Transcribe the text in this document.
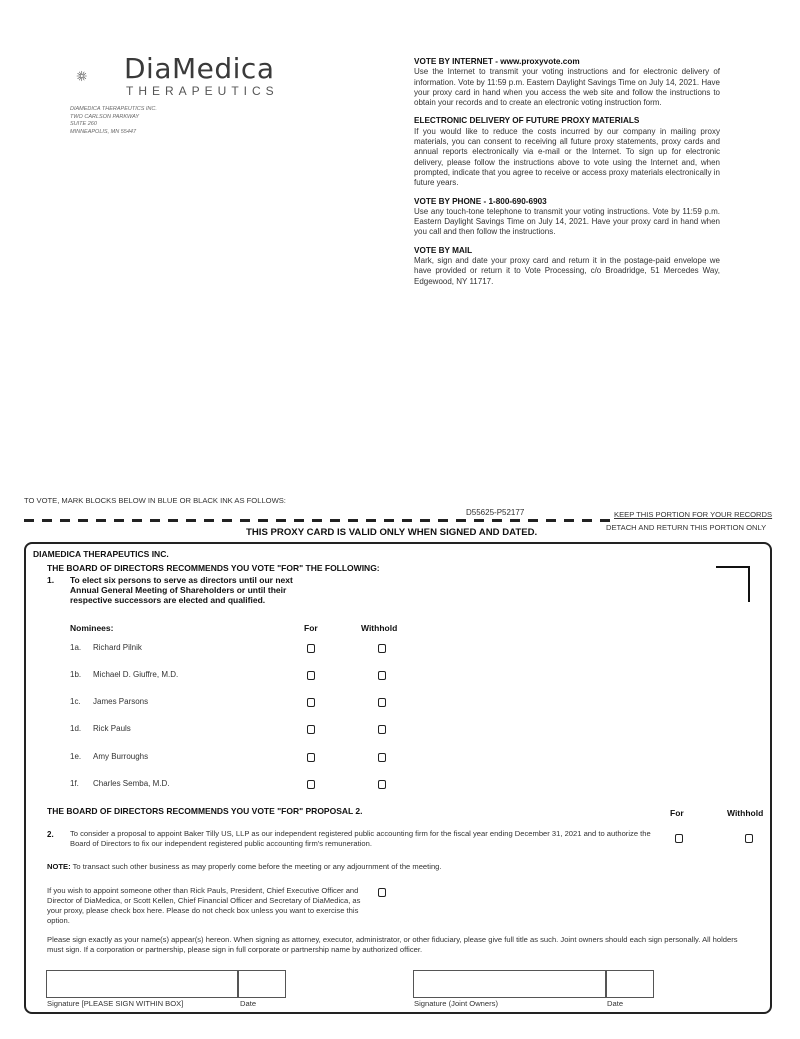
DiaMedica
THERAPEUTICS
DIAMEDICA THERAPEUTICS INC.
TWO CARLSON PARKWAY
SUITE 260
MINNEAPOLIS, MN 55447
VOTE BY INTERNET - www.proxyvote.com

Use the Internet to transmit your voting instructions and for electronic delivery of information. Vote by 11:59 p.m. Eastern Daylight Savings Time on July 14, 2021. Have your proxy card in hand when you access the web site and follow the instructions to obtain your records and to create an electronic voting instruction form.

ELECTRONIC DELIVERY OF FUTURE PROXY MATERIALS

If you would like to reduce the costs incurred by our company in mailing proxy materials, you can consent to receiving all future proxy statements, proxy cards and annual reports electronically via e-mail or the Internet. To sign up for electronic delivery, please follow the instructions above to vote using the Internet and, when prompted, indicate that you agree to receive or access proxy materials electronically in future years.

VOTE BY PHONE - 1-800-690-6903

Use any touch-tone telephone to transmit your voting instructions. Vote by 11:59 p.m. Eastern Daylight Savings Time on July 14, 2021. Have your proxy card in hand when you call and then follow the instructions.

VOTE BY MAIL

Mark, sign and date your proxy card and return it in the postage-paid envelope we have provided or return it to Vote Processing, c/o Broadridge, 51 Mercedes Way, Edgewood, NY 11717.

TO VOTE, MARK BLOCKS BELOW IN BLUE OR BLACK INK AS FOLLOWS:
D55625-P52177	KEEP THIS PORTION FOR YOUR RECORDS
DETACH AND RETURN THIS PORTION ONLY
THIS PROXY CARD IS VALID ONLY WHEN SIGNED AND DATED.
DIAMEDICA THERAPEUTICS INC.
THE BOARD OF DIRECTORS RECOMMENDS YOU VOTE "FOR" THE FOLLOWING:
1. To elect six persons to serve as directors until our next Annual General Meeting of Shareholders or until their respective successors are elected and qualified.
Nominees:	For	Withhold
1a. Richard Pilnik
1b. Michael D. Giuffre, M.D.
1c. James Parsons
1d. Rick Pauls
1e. Amy Burroughs
1f. Charles Semba, M.D.
THE BOARD OF DIRECTORS RECOMMENDS YOU VOTE "FOR" PROPOSAL 2.	For	Withhold
2. To consider a proposal to appoint Baker Tilly US, LLP as our independent registered public accounting firm for the fiscal year ending December 31, 2021 and to authorize the Board of Directors to fix our independent registered public accounting firm's remuneration.
NOTE: To transact such other business as may properly come before the meeting or any adjournment of the meeting.
If you wish to appoint someone other than Rick Pauls, President, Chief Executive Officer and Director of DiaMedica, or Scott Kellen, Chief Financial Officer and Secretary of DiaMedica, as your proxy, please check box here. Please do not check box unless you want to exercise this option.
Please sign exactly as your name(s) appear(s) hereon. When signing as attorney, executor, administrator, or other fiduciary, please give full title as such. Joint owners should each sign personally. All holders must sign. If a corporation or partnership, please sign in full corporate or partnership name by authorized officer.
Signature [PLEASE SIGN WITHIN BOX]	Date	Signature (Joint Owners)	Date
